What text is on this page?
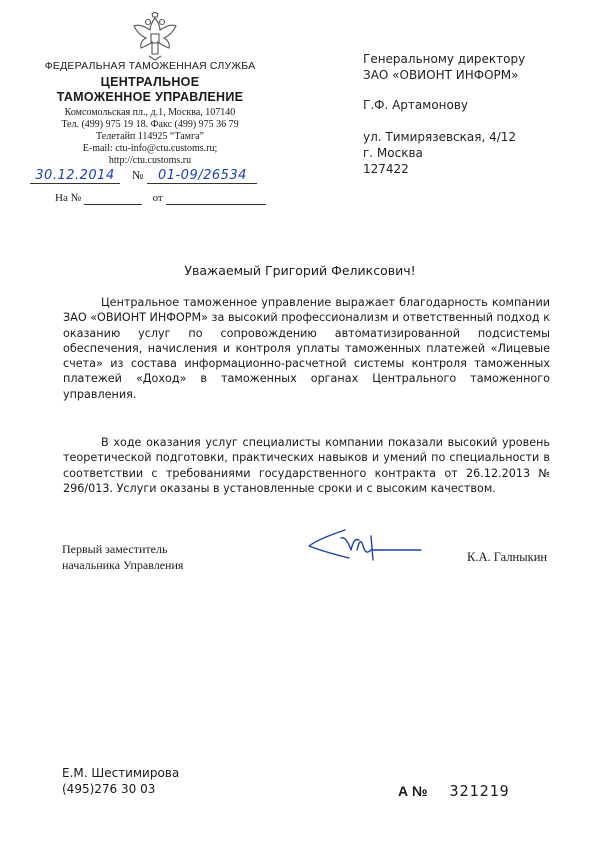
ФЕДЕРАЛЬНАЯ ТАМОЖЕННАЯ СЛУЖБА
ЦЕНТРАЛЬНОЕ
ТАМОЖЕННОЕ УПРАВЛЕНИЕ
Комсомольская пл., д.1, Москва, 107140
Тел. (499) 975 19 18. Факс (499) 975 36 79
Телетайп 114925 “Тамга”
E-mail: ctu-info@ctu.customs.ru;
http://ctu.customs.ru
30.12.2014 № 01-09/26534
На №	от
Генеральному директору
ЗАО «ОВИОНТ ИНФОРМ»
Г.Ф. Артамонову
ул. Тимирязевская, 4/12
г. Москва
127422
Уважаемый Григорий Феликсович!

Центральное таможенное управление выражает благодарность компании ЗАО «ОВИОНТ ИНФОРМ» за высокий профессионализм и ответственный подход к оказанию услуг по сопровождению автоматизированной подсистемы обеспечения, начисления и контроля уплаты таможенных платежей «Лицевые счета» из состава информационно-расчетной системы контроля таможенных платежей «Доход» в таможенных органах Центрального таможенного управления.

В ходе оказания услуг специалисты компании показали высокий уровень теоретической подготовки, практических навыков и умений по специальности в соответствии с требованиями государственного контракта от 26.12.2013 № 296/013. Услуги оказаны в установленные сроки и с высоким качеством.

Первый заместитель
начальника Управления
К.А. Галныкин
Е.М. Шестимирова
(495)276 30 03	А № 321219
